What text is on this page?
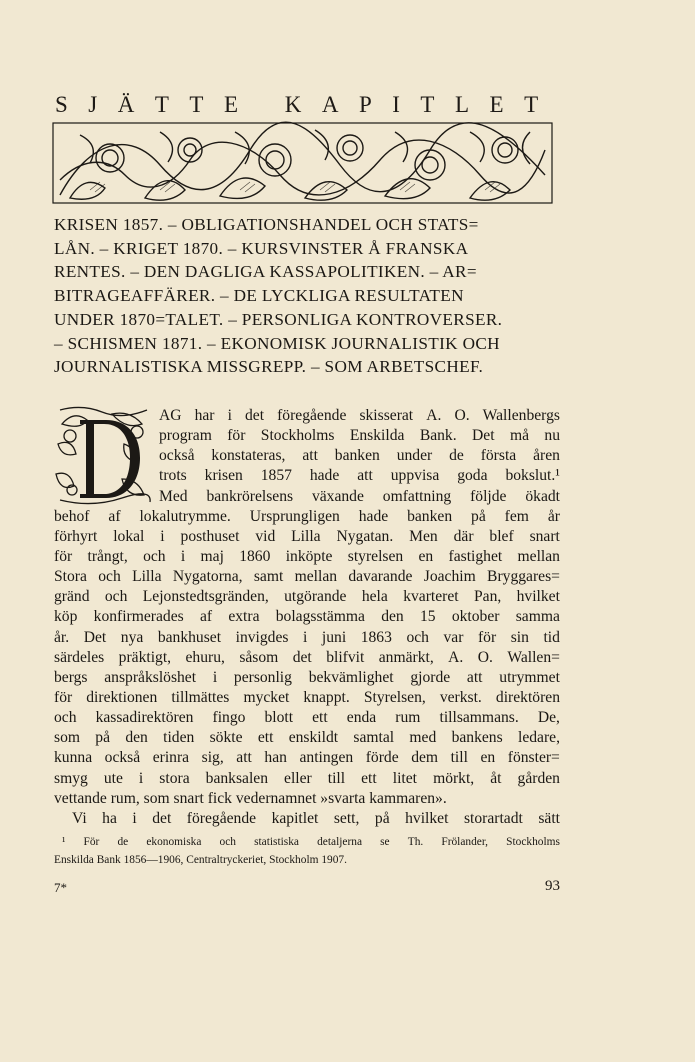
SJÄTTE KAPITLET
KRISEN 1857. – OBLIGATIONSHANDEL OCH STATS=
LÅN. – KRIGET 1870. – KURSVINSTER Å FRANSKA
RENTES. – DEN DAGLIGA KASSAPOLITIKEN. – AR=
BITRAGEAFFÄRER. – DE LYCKLIGA RESULTATEN
UNDER 1870=TALET. – PERSONLIGA KONTROVERSER.
– SCHISMEN 1871. – EKONOMISK JOURNALISTIK OCH
JOURNALISTISKA MISSGREPP. – SOM ARBETSCHEF.
AG har i det föregående skisserat A. O. Wallenbergs
program för Stockholms Enskilda Bank. Det må nu
också konstateras, att banken under de första åren
trots krisen 1857 hade att uppvisa goda bokslut.¹
Med bankrörelsens växande omfattning följde ökadt
behof af lokalutrymme. Ursprungligen hade banken på fem år
förhyrt lokal i posthuset vid Lilla Nygatan. Men där blef snart
för trångt, och i maj 1860 inköpte styrelsen en fastighet mellan
Stora och Lilla Nygatorna, samt mellan davarande Joachim Bryggares=
gränd och Lejonstedtsgränden, utgörande hela kvarteret Pan, hvilket
köp konfirmerades af extra bolagsstämma den 15 oktober samma
år. Det nya bankhuset invigdes i juni 1863 och var för sin tid
särdeles präktigt, ehuru, såsom det blifvit anmärkt, A. O. Wallen=
bergs anspråkslöshet i personlig bekvämlighet gjorde att utrymmet
för direktionen tillmättes mycket knappt. Styrelsen, verkst. direktören
och kassadirektören fingo blott ett enda rum tillsammans. De,
som på den tiden sökte ett enskildt samtal med bankens ledare,
kunna också erinra sig, att han antingen förde dem till en fönster=
smyg ute i stora banksalen eller till ett litet mörkt, åt gården
vettande rum, som snart fick vedernamnet »svarta kammaren».
Vi ha i det föregående kapitlet sett, på hvilket storartadt sätt
¹ För de ekonomiska och statistiska detaljerna se Th. Frölander, Stockholms
Enskilda Bank 1856—1906, Centraltryckeriet, Stockholm 1907.
7*	93
